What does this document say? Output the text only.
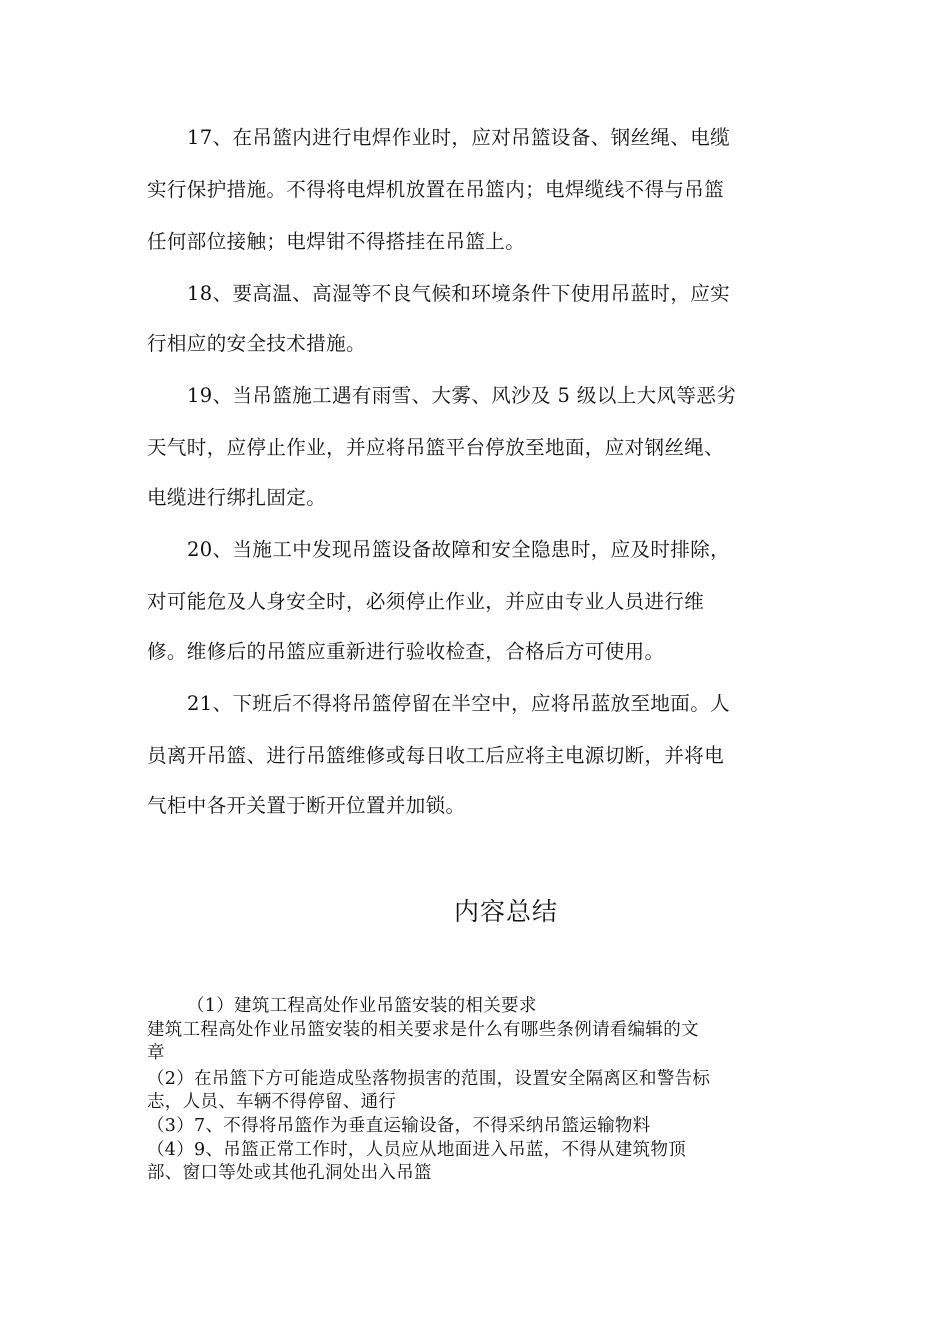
17、在吊篮内进行电焊作业时，应对吊篮设备、钢丝绳、电缆
实行保护措施。不得将电焊机放置在吊篮内；电焊缆线不得与吊篮
任何部位接触；电焊钳不得搭挂在吊篮上。
18、要高温、高湿等不良气候和环境条件下使用吊蓝时，应实
行相应的安全技术措施。
19、当吊篮施工遇有雨雪、大雾、风沙及 5 级以上大风等恶劣
天气时，应停止作业，并应将吊篮平台停放至地面，应对钢丝绳、
电缆进行绑扎固定。
20、当施工中发现吊篮设备故障和安全隐患时，应及时排除，
对可能危及人身安全时，必须停止作业，并应由专业人员进行维
修。维修后的吊篮应重新进行验收检查，合格后方可使用。
21、下班后不得将吊篮停留在半空中，应将吊蓝放至地面。人
员离开吊篮、进行吊篮维修或每日收工后应将主电源切断，并将电
气柜中各开关置于断开位置并加锁。
内容总结
（1）建筑工程高处作业吊篮安装的相关要求
建筑工程高处作业吊篮安装的相关要求是什么有哪些条例请看编辑的文
章
（2）在吊篮下方可能造成坠落物损害的范围，设置安全隔离区和警告标
志，人员、车辆不得停留、通行
（3）7、不得将吊篮作为垂直运输设备，不得采纳吊篮运输物料
（4）9、吊篮正常工作时，人员应从地面进入吊蓝，不得从建筑物顶
部、窗口等处或其他孔洞处出入吊篮
